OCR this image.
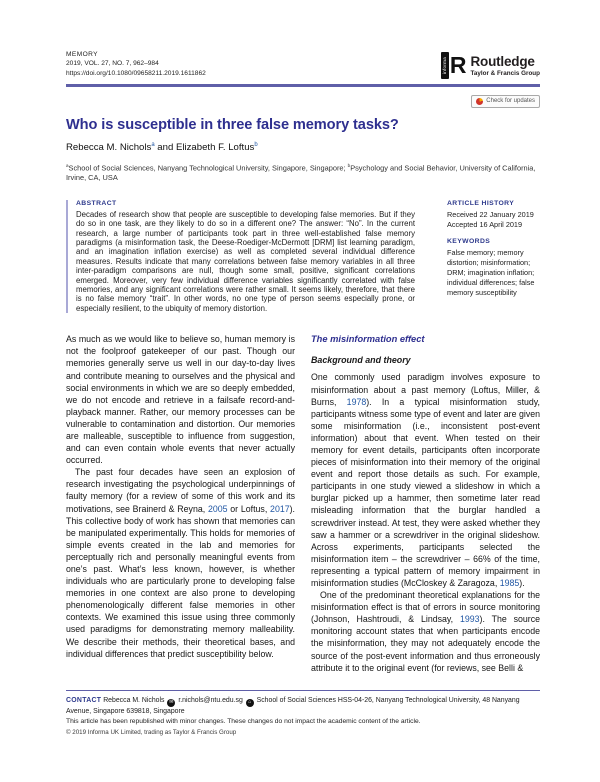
MEMORY
2019, VOL. 27, NO. 7, 962–984
https://doi.org/10.1080/09658211.2019.1611862	informa R Routledge
Taylor & Francis Group
Check for updates
Who is susceptible in three false memory tasks?
Rebecca M. Nichols$^a$ and Elizabeth F. Loftus$^b$
$^a$School of Social Sciences, Nanyang Technological University, Singapore, Singapore; $^b$Psychology and Social Behavior, University of California, Irvine, CA, USA
ABSTRACT
Decades of research show that people are susceptible to developing false memories. But if they do so in one task, are they likely to do so in a different one? The answer: “No”. In the current research, a large number of participants took part in three well-established false memory paradigms (a misinformation task, the Deese-Roediger-McDermott [DRM] list learning paradigm, and an imagination inflation exercise) as well as completed several individual difference measures. Results indicate that many correlations between false memory variables in all three inter-paradigm comparisons are null, though some small, positive, significant correlations emerged. Moreover, very few individual difference variables significantly correlated with false memories, and any significant correlations were rather small. It seems likely, therefore, that there is no false memory “trait”. In other words, no one type of person seems especially prone, or especially resilient, to the ubiquity of memory distortion.
ARTICLE HISTORY
Received 22 January 2019
Accepted 16 April 2019
KEYWORDS
False memory; memory distortion; misinformation; DRM; imagination inflation; individual differences; false memory susceptibility

As much as we would like to believe so, human memory is not the foolproof gatekeeper of our past. Though our memories generally serve us well in our day-to-day lives and contribute meaning to ourselves and the physical and social environments in which we are so deeply embedded, we do not encode and retrieve in a failsafe record-and-playback manner. Rather, our memory processes can be vulnerable to contamination and distortion. Our memories are malleable, susceptible to influence from suggestion, and can even contain whole events that never actually occurred.

The past four decades have seen an explosion of research investigating the psychological underpinnings of faulty memory (for a review of some of this work and its motivations, see Brainerd & Reyna, 2005 or Loftus, 2017). This collective body of work has shown that memories can be manipulated experimentally. This holds for memories of simple events created in the lab and memories for perceptually rich and personally meaningful events from one’s past. What’s less known, however, is whether individuals who are particularly prone to developing false memories in one context are also prone to developing phenomenologically different false memories in other contexts. We examined this issue using three commonly used paradigms for demonstrating memory malleability. We describe their methods, their theoretical bases, and individual differences that predict susceptibility below.

The misinformation effect
Background and theory

One commonly used paradigm involves exposure to misinformation about a past memory (Loftus, Miller, & Burns, 1978). In a typical misinformation study, participants witness some type of event and later are given some misinformation (i.e., inconsistent post-event information) about that event. When tested on their memory for event details, participants often incorporate pieces of misinformation into their memory of the original event and report those details as such. For example, participants in one study viewed a slideshow in which a burglar picked up a hammer, then sometime later read misleading information that the burglar handled a screwdriver instead. At test, they were asked whether they saw a hammer or a screwdriver in the original slideshow. Across experiments, participants selected the misinformation item – the screwdriver – 66% of the time, representing a typical pattern of memory impairment in misinformation studies (McCloskey & Zaragoza, 1985).

One of the predominant theoretical explanations for the misinformation effect is that of errors in source monitoring (Johnson, Hashtroudi, & Lindsay, 1993). The source monitoring account states that when participants encode the misinformation, they may not adequately encode the source of the post-event information and thus erroneously attribute it to the original event (for reviews, see Belli &

CONTACT Rebecca M. Nichols ✉ r.nichols@ntu.edu.sg ⌂ School of Social Sciences HSS-04-26, Nanyang Technological University, 48 Nanyang Avenue, Singapore 639818, Singapore
This article has been republished with minor changes. These changes do not impact the academic content of the article.
© 2019 Informa UK Limited, trading as Taylor & Francis Group
